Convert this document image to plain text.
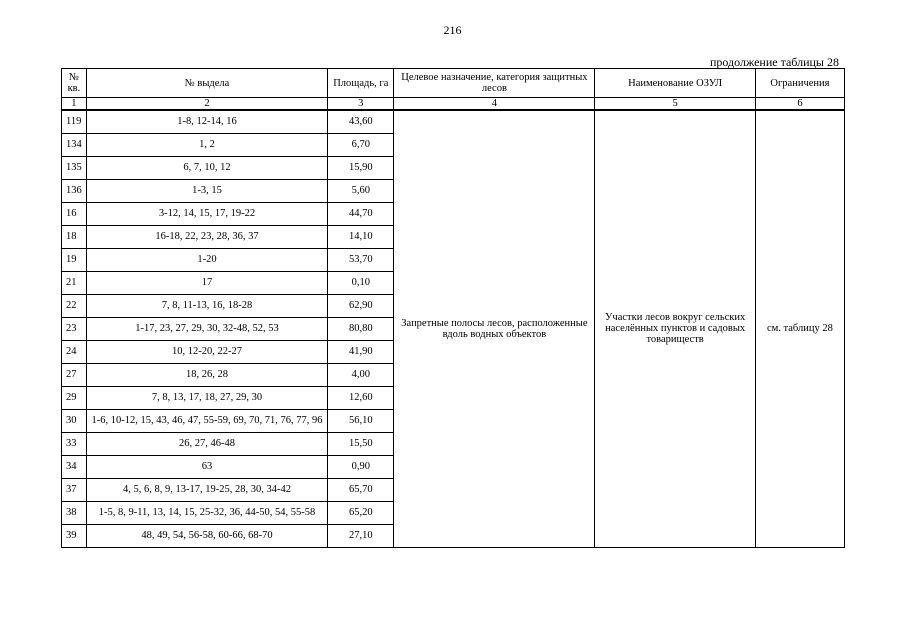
216
продолжение таблицы 28
№ кв.	№ выдела	Площадь, га	Целевое назначение, категория защитных лесов	Наименование ОЗУЛ	Ограничения
1	2	3	4	5	6
119	1-8, 12-14, 16	43,60	Запретные полосы лесов, расположенные вдоль водных объектов	Участки лесов вокруг сельских населённых пунктов и садовых товариществ	см. таблицу 28
134	1, 2	6,70			
135	6, 7, 10, 12	15,90			
136	1-3, 15	5,60			
16	3-12, 14, 15, 17, 19-22	44,70			
18	16-18, 22, 23, 28, 36, 37	14,10			
19	1-20	53,70			
21	17	0,10			
22	7, 8, 11-13, 16, 18-28	62,90			
23	1-17, 23, 27, 29, 30, 32-48, 52, 53	80,80			
24	10, 12-20, 22-27	41,90			
27	18, 26, 28	4,00			
29	7, 8, 13, 17, 18, 27, 29, 30	12,60			
30	1-6, 10-12, 15, 43, 46, 47, 55-59, 69, 70, 71, 76, 77, 96	56,10			
33	26, 27, 46-48	15,50			
34	63	0,90			
37	4, 5, 6, 8, 9, 13-17, 19-25, 28, 30, 34-42	65,70			
38	1-5, 8, 9-11, 13, 14, 15, 25-32, 36, 44-50, 54, 55-58	65,20			
39	48, 49, 54, 56-58, 60-66, 68-70	27,10			
